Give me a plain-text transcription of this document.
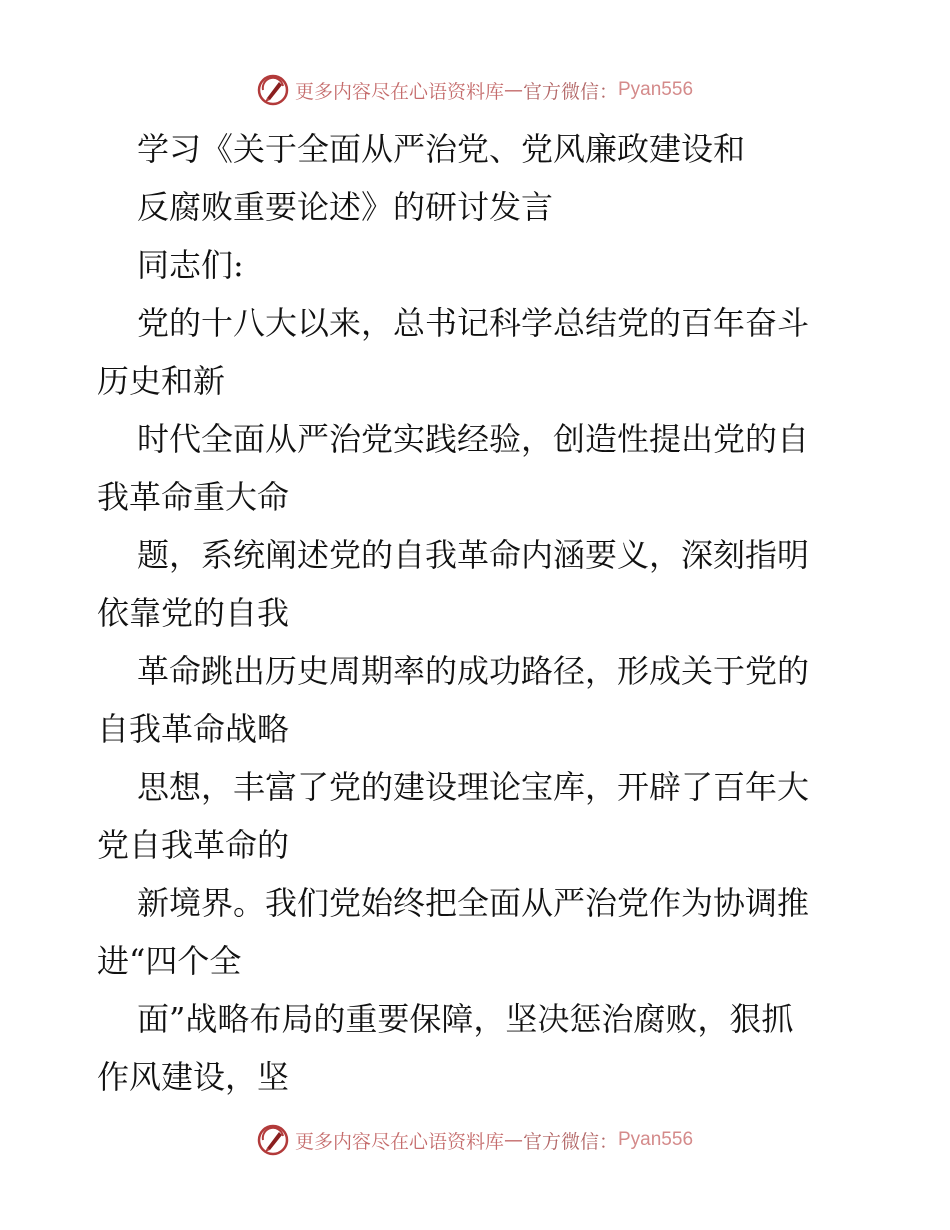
更多内容尽在心语资料库 — 官方微信： Pyan556
学习《关于全面从严治党、党风廉政建设和
反腐败重要论述》的研讨发言
同志们:
党的十八大以来，总书记科学总结党的百年奋斗
历史和新
时代全面从严治党实践经验，创造性提出党的自
我革命重大命
题，系统阐述党的自我革命内涵要义，深刻指明
依靠党的自我
革命跳出历史周期率的成功路径，形成关于党的
自我革命战略
思想，丰富了党的建设理论宝库，开辟了百年大
党自我革命的
新境界。我们党始终把全面从严治党作为协调推
进“四个全
面”战略布局的重要保障，坚决惩治腐败，狠抓
作风建设，坚
更多内容尽在心语资料库 — 官方微信： Pyan556
